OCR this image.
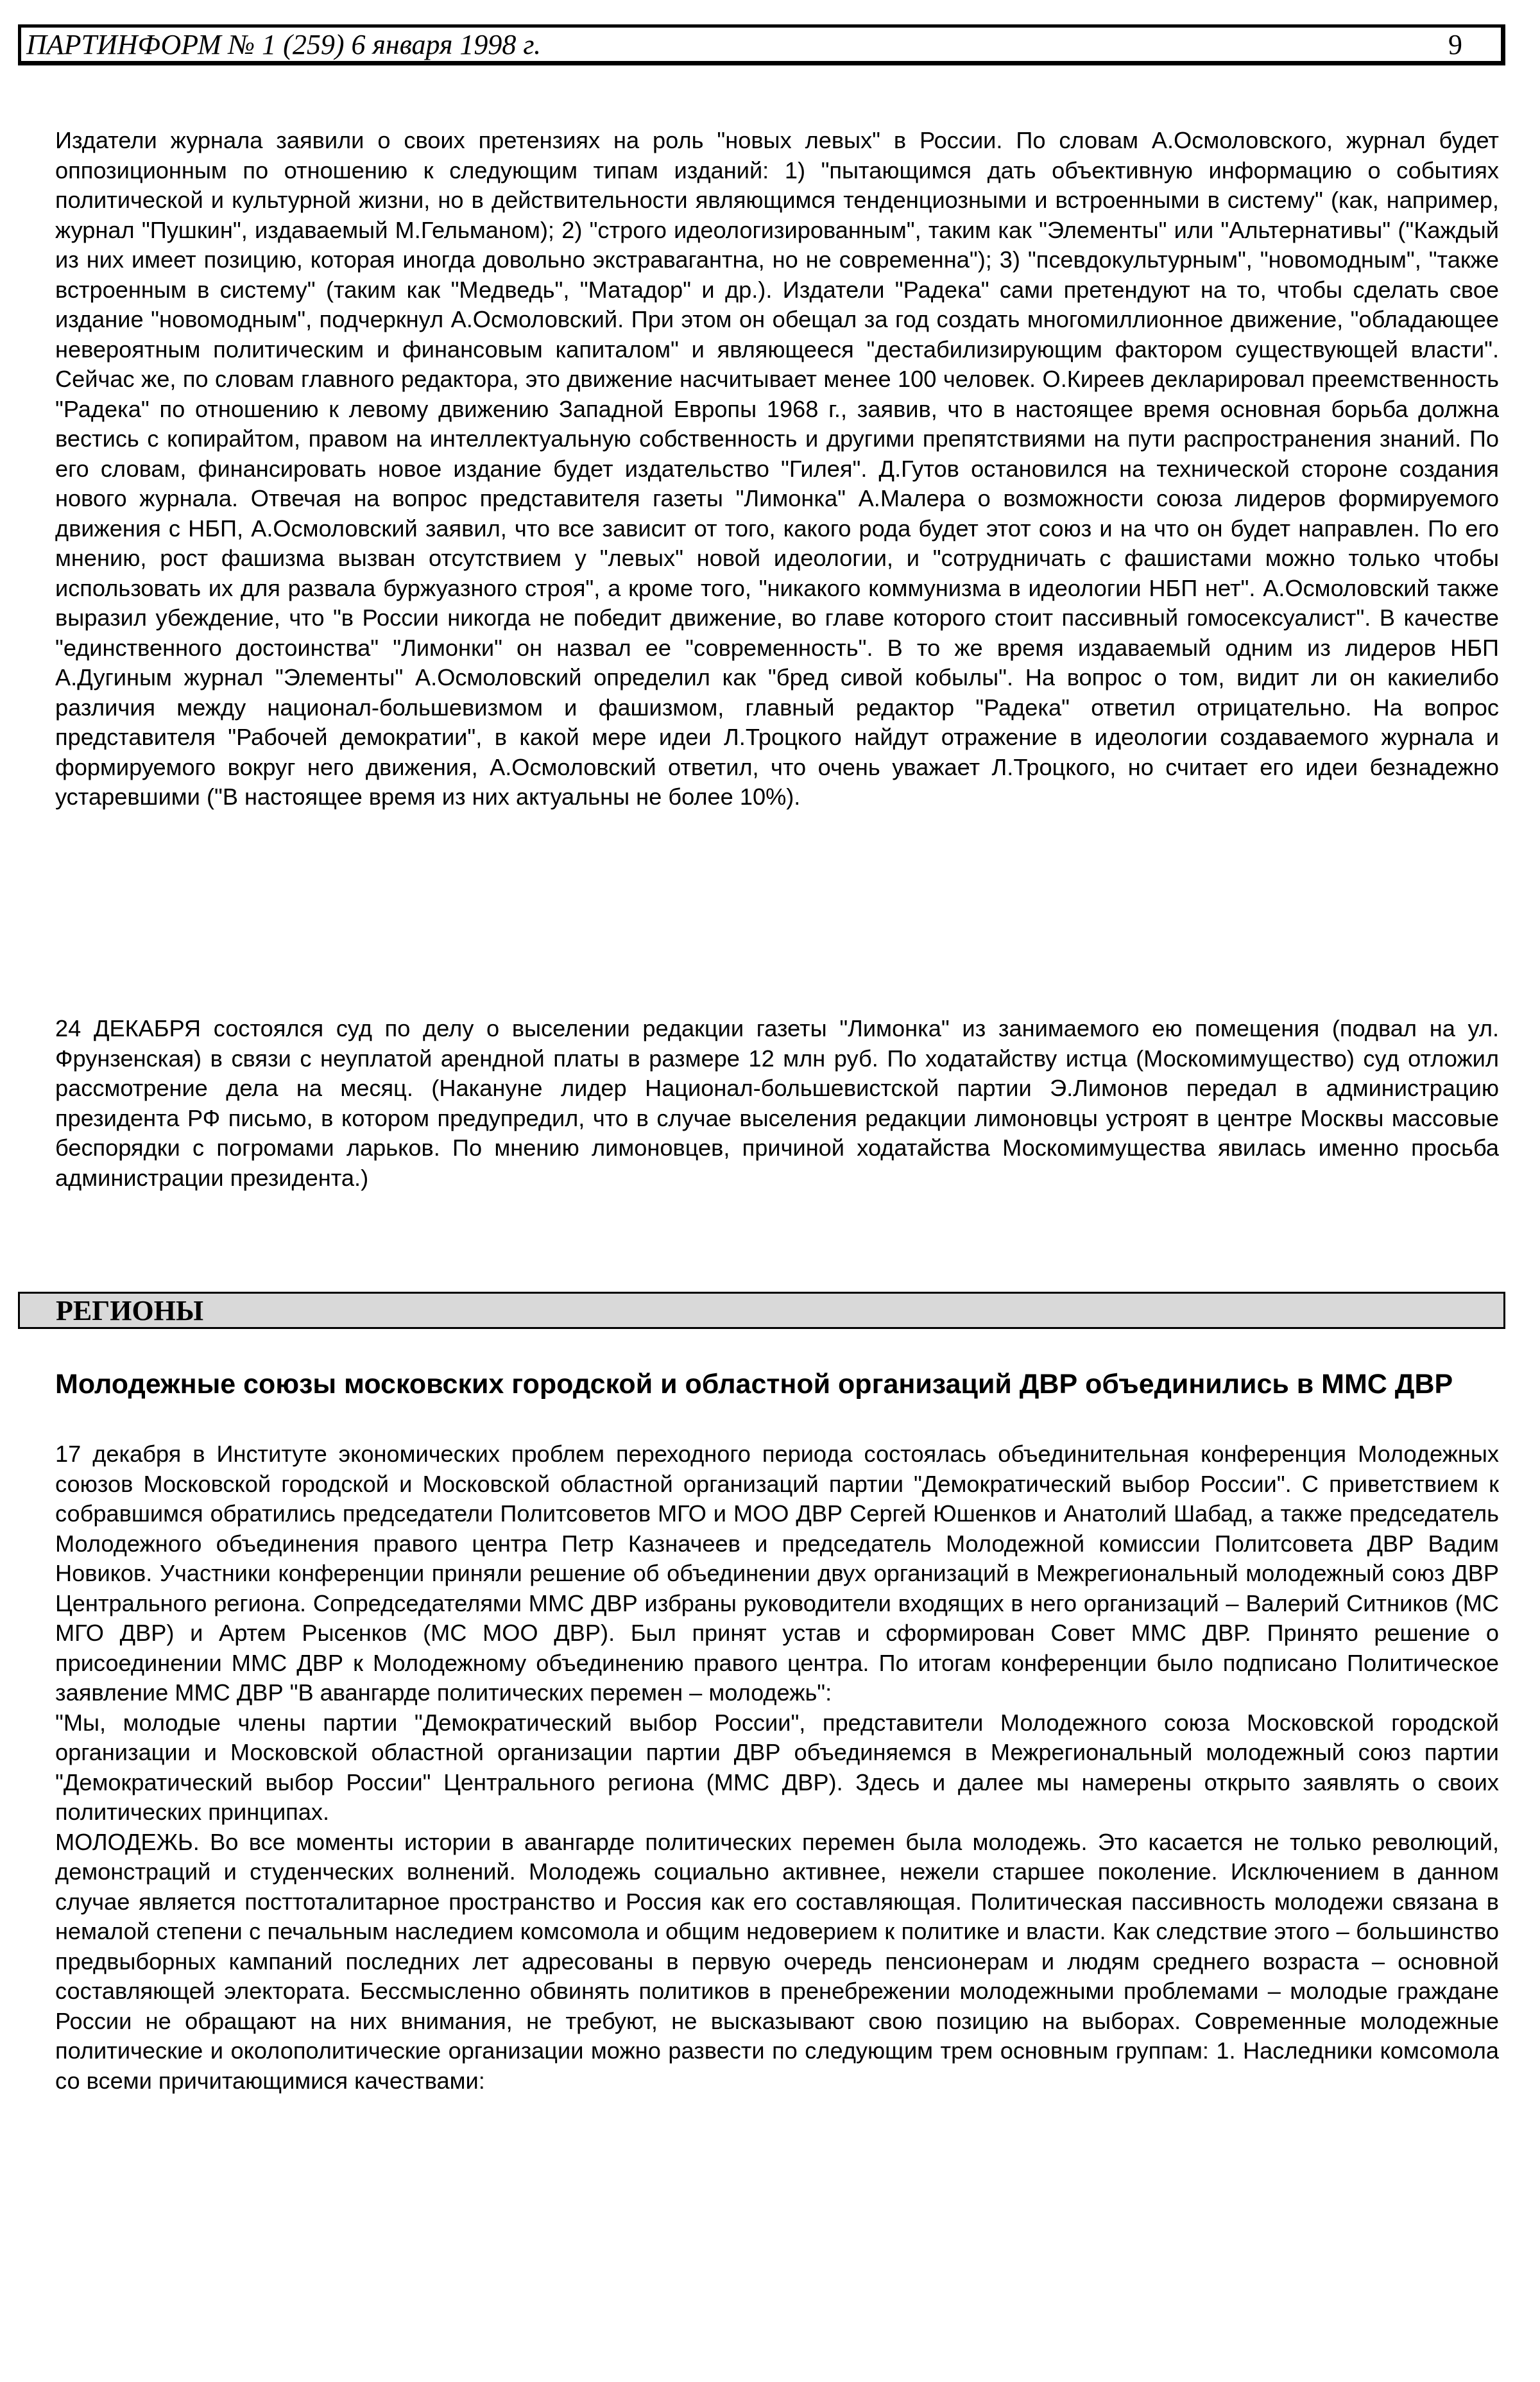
ПАРТИНФОРМ № 1 (259) 6 января 1998 г.	9

Издатели журнала заявили о своих претензиях на роль "новых левых" в России. По словам А.Осмоловского, журнал будет оппозиционным по отношению к следующим типам изданий: 1) "пытающимся дать объективную информацию о событиях политической и культурной жизни, но в действительности являющимся тенденциозными и встроенными в систему" (как, например, журнал "Пушкин", издаваемый М.Гельманом); 2) "строго идеологизированным", таким как "Элементы" или "Альтернативы" ("Каждый из них имеет позицию, которая иногда довольно экстравагантна, но не современна"); 3) "псевдокультурным", "новомодным", "также встроенным в систему" (таким как "Медведь", "Матадор" и др.). Издатели "Радека" сами претендуют на то, чтобы сделать свое издание "новомодным", подчеркнул А.Осмоловский. При этом он обещал за год создать многомиллионное движение, "обладающее невероятным политическим и финансовым капиталом" и являющееся "дестабилизирующим фактором существующей власти". Сейчас же, по словам главного редактора, это движение насчитывает менее 100 человек. О.Киреев декларировал преемственность "Радека" по отношению к левому движению Западной Европы 1968 г., заявив, что в настоящее время основная борьба должна вестись с копирайтом, правом на интеллектуальную собственность и другими препятствиями на пути распространения знаний. По его словам, финансировать новое издание будет издательство "Гилея". Д.Гутов остановился на технической стороне создания нового журнала. Отвечая на вопрос представителя газеты "Лимонка" А.Малера о возможности союза лидеров формируемого движения с НБП, А.Осмоловский заявил, что все зависит от того, какого рода будет этот союз и на что он будет направлен. По его мнению, рост фашизма вызван отсутствием у "левых" новой идеологии, и "сотрудничать с фашистами можно только чтобы использовать их для развала буржуазного строя", а кроме того, "никакого коммунизма в идеологии НБП нет". А.Осмоловский также выразил убеждение, что "в России никогда не победит движение, во главе которого стоит пассивный гомосексуалист". В качестве "единственного достоинства" "Лимонки" он назвал ее "современность". В то же время издаваемый одним из лидеров НБП А.Дугиным журнал "Элементы" А.Осмоловский определил как "бред сивой кобылы". На вопрос о том, видит ли он какиелибо различия между национал-большевизмом и фашизмом, главный редактор "Радека" ответил отрицательно. На вопрос представителя "Рабочей демократии", в какой мере идеи Л.Троцкого найдут отражение в идеологии создаваемого журнала и формируемого вокруг него движения, А.Осмоловский ответил, что очень уважает Л.Троцкого, но считает его идеи безнадежно устаревшими ("В настоящее время из них актуальны не более 10%).

24 ДЕКАБРЯ состоялся суд по делу о выселении редакции газеты "Лимонка" из занимаемого ею помещения (подвал на ул. Фрунзенская) в связи с неуплатой арендной платы в размере 12 млн руб. По ходатайству истца (Москомимущество) суд отложил рассмотрение дела на месяц. (Накануне лидер Национал-большевистской партии Э.Лимонов передал в администрацию президента РФ письмо, в котором предупредил, что в случае выселения редакции лимоновцы устроят в центре Москвы массовые беспорядки с погромами ларьков. По мнению лимоновцев, причиной ходатайства Москомимущества явилась именно просьба администрации президента.)

РЕГИОНЫ
Молодежные союзы московских городской и областной организаций ДВР объединились в ММС ДВР

17 декабря в Институте экономических проблем переходного периода состоялась объединительная конференция Молодежных союзов Московской городской и Московской областной организаций партии "Демократический выбор России". С приветствием к собравшимся обратились председатели Политсоветов МГО и МОО ДВР Сергей Юшенков и Анатолий Шабад, а также председатель Молодежного объединения правого центра Петр Казначеев и председатель Молодежной комиссии Политсовета ДВР Вадим Новиков. Участники конференции приняли решение об объединении двух организаций в Межрегиональный молодежный союз ДВР Центрального региона. Сопредседателями ММС ДВР избраны руководители входящих в него организаций – Валерий Ситников (МС МГО ДВР) и Артем Рысенков (МС МОО ДВР). Был принят устав и сформирован Совет ММС ДВР. Принято решение о присоединении ММС ДВР к Молодежному объединению правого центра. По итогам конференции было подписано Политическое заявление ММС ДВР "В авангарде политических перемен – молодежь":

"Мы, молодые члены партии "Демократический выбор России", представители Молодежного союза Московской городской организации и Московской областной организации партии ДВР объединяемся в Межрегиональный молодежный союз партии "Демократический выбор России" Центрального региона (ММС ДВР). Здесь и далее мы намерены открыто заявлять о своих политических принципах.

МОЛОДЕЖЬ. Во все моменты истории в авангарде политических перемен была молодежь. Это касается не только революций, демонстраций и студенческих волнений. Молодежь социально активнее, нежели старшее поколение. Исключением в данном случае является посттоталитарное пространство и Россия как его составляющая. Политическая пассивность молодежи связана в немалой степени с печальным наследием комсомола и общим недоверием к политике и власти. Как следствие этого – большинство предвыборных кампаний последних лет адресованы в первую очередь пенсионерам и людям среднего возраста – основной составляющей электората. Бессмысленно обвинять политиков в пренебрежении молодежными проблемами – молодые граждане России не обращают на них внимания, не требуют, не высказывают свою позицию на выборах. Современные молодежные политические и околополитические организации можно развести по следующим трем основным группам: 1. Наследники комсомола со всеми причитающимися качествами:
